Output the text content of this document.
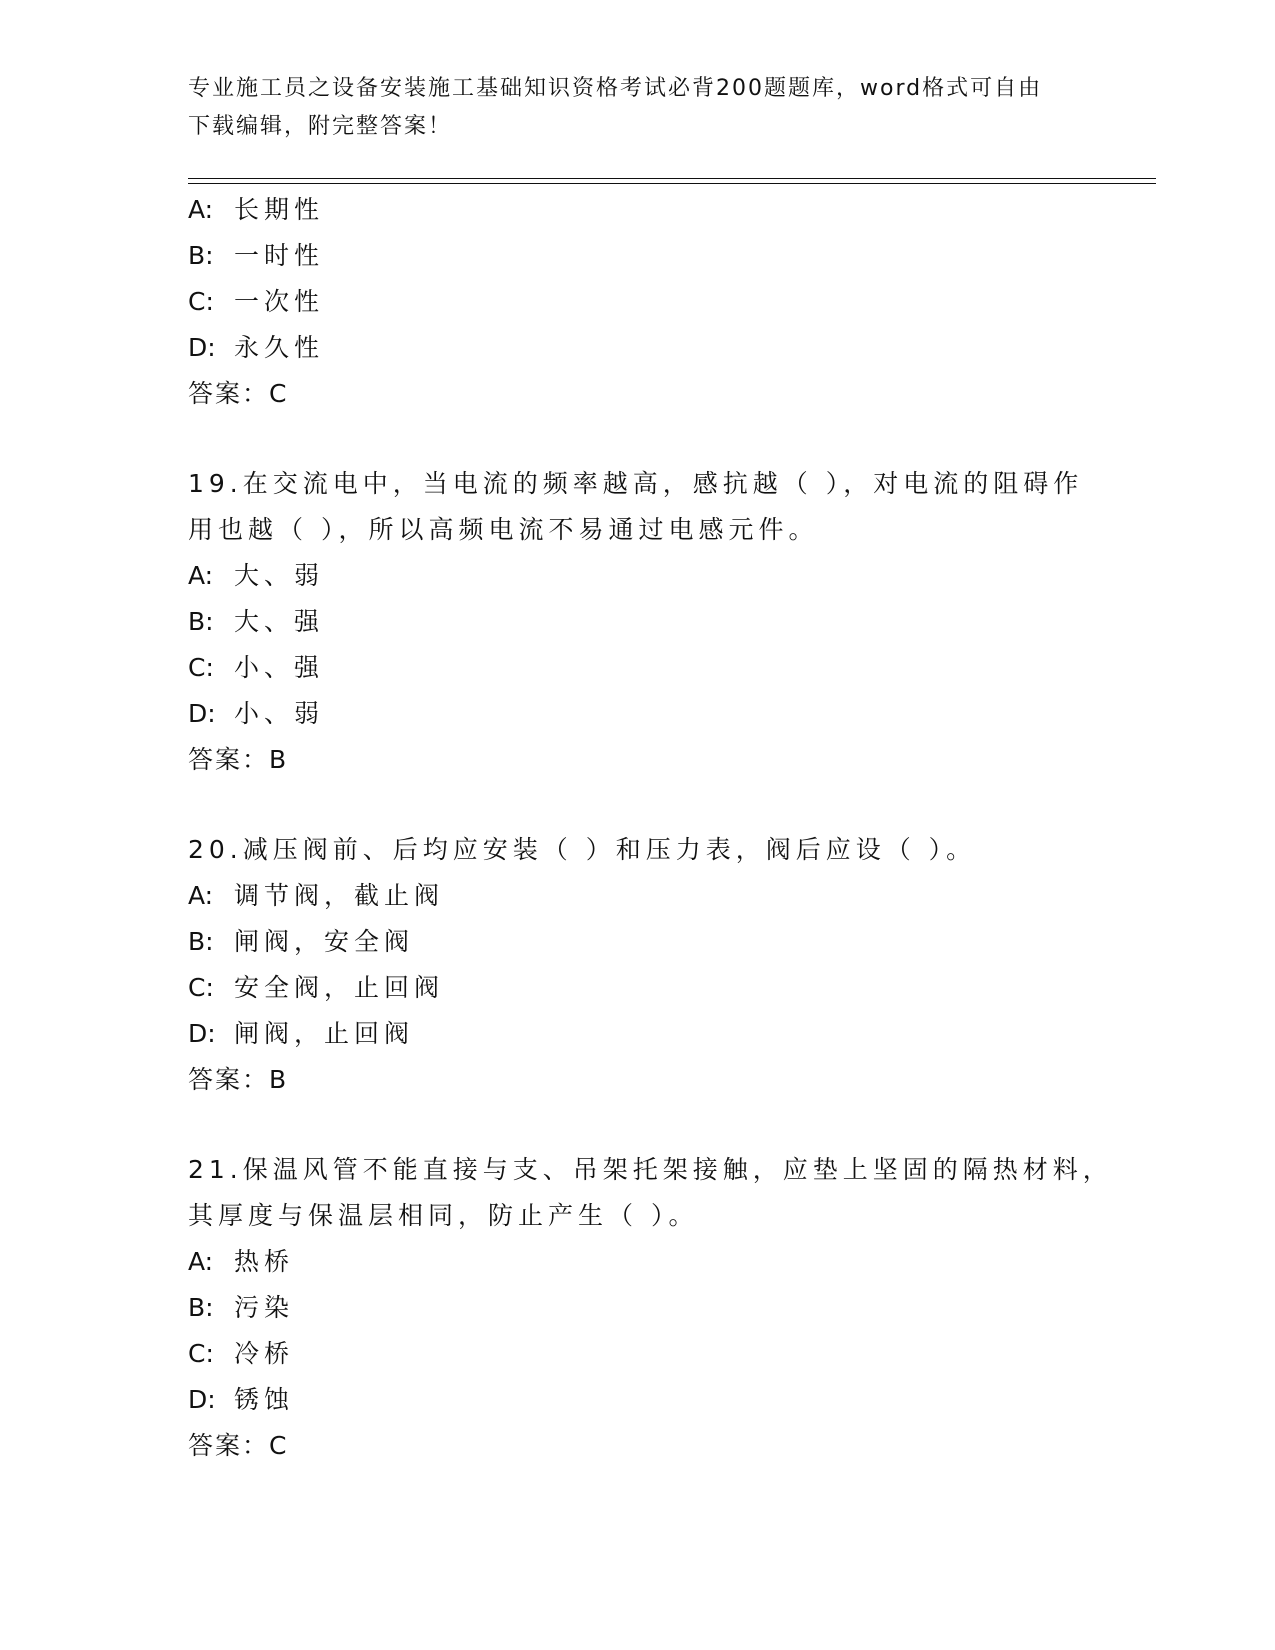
专业施工员之设备安装施工基础知识资格考试必背200题题库，word格式可自由
下载编辑，附完整答案！
A: 长期性
B: 一时性
C: 一次性
D: 永久性
答案：C
19.在交流电中，当电流的频率越高，感抗越（ ），对电流的阻碍作
用也越（ ），所以高频电流不易通过电感元件。
A: 大、弱
B: 大、强
C: 小、强
D: 小、弱
答案：B
20.减压阀前、后均应安装（ ）和压力表，阀后应设（ ）。
A: 调节阀，截止阀
B: 闸阀，安全阀
C: 安全阀，止回阀
D: 闸阀，止回阀
答案：B
21.保温风管不能直接与支、吊架托架接触，应垫上坚固的隔热材料，
其厚度与保温层相同，防止产生（ ）。
A: 热桥
B: 污染
C: 冷桥
D: 锈蚀
答案：C
